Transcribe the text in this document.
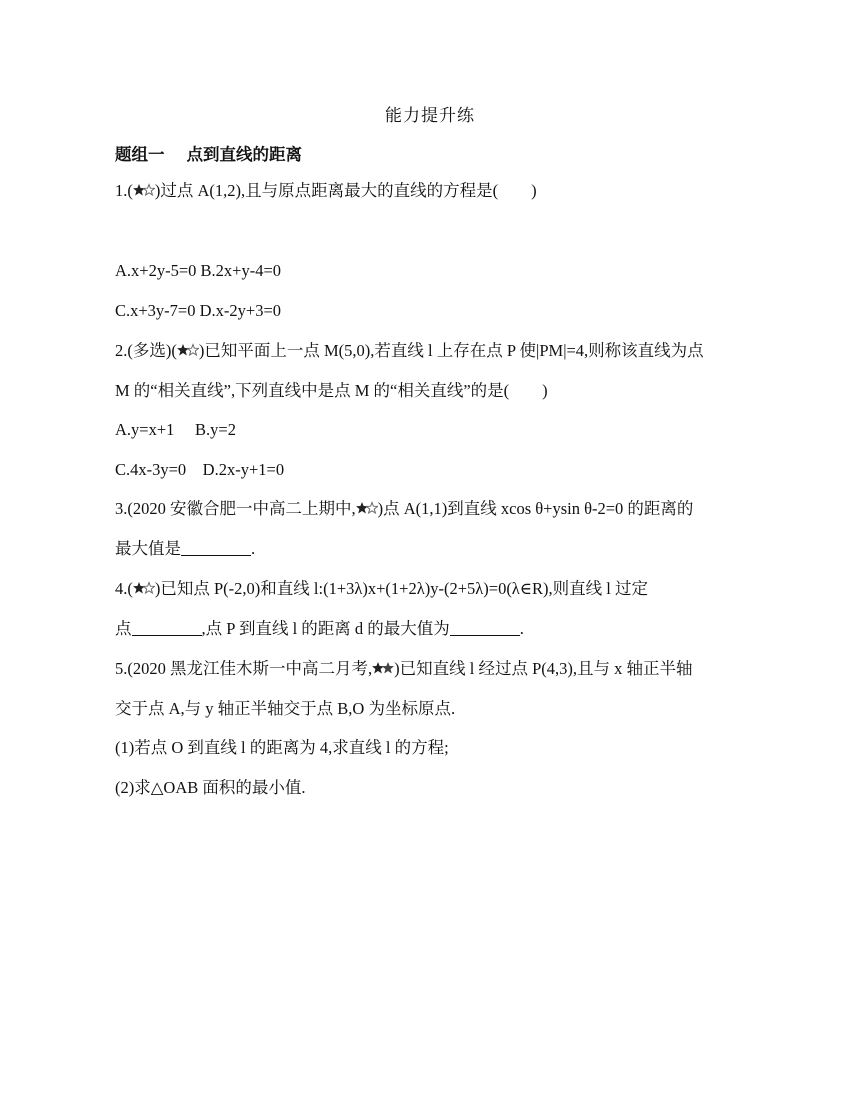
能力提升练
题组一 点到直线的距离
1.( )过点 A(1,2),且与原点距离最大的直线的方程是(　　)
A.x+2y-5=0 B.2x+y-4=0
C.x+3y-7=0 D.x-2y+3=0
2.(多选)( )已知平面上一点 M(5,0),若直线 l 上存在点 P 使|PM|=4,则称该直线为点
M 的“相关直线”,下列直线中是点 M 的“相关直线”的是(　　)
A.y=x+1　 B.y=2
C.4x-3y=0　D.2x-y+1=0
3.(2020 安徽合肥一中高二上期中, )点 A(1,1)到直线 xcos θ+ysin θ-2=0 的距离的
最大值是	.
4.( )已知点 P(-2,0)和直线 l:(1+3λ)x+(1+2λ)y-(2+5λ)=0(λ∈R),则直线 l 过定
点	,点 P 到直线 l 的距离 d 的最大值为	.
5.(2020 黑龙江佳木斯一中高二月考, )已知直线 l 经过点 P(4,3),且与 x 轴正半轴
交于点 A,与 y 轴正半轴交于点 B,O 为坐标原点.
(1)若点 O 到直线 l 的距离为 4,求直线 l 的方程;
(2)求△OAB 面积的最小值.
